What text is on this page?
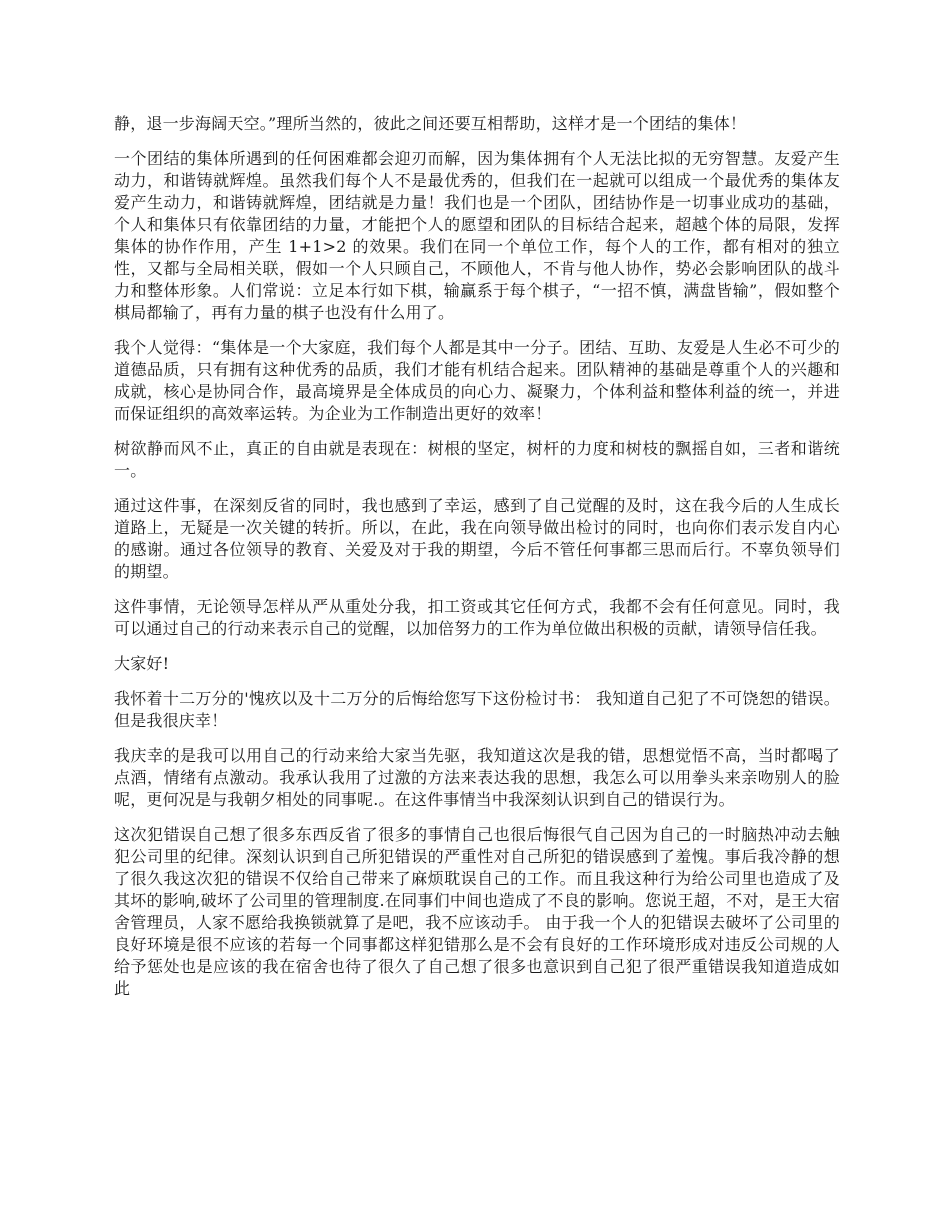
静，退一步海阔天空。”理所当然的，彼此之间还要互相帮助，这样才是一个团结的集体！

一个团结的集体所遇到的任何困难都会迎刃而解，因为集体拥有个人无法比拟的无穷智慧。友爱产生动力，和谐铸就辉煌。虽然我们每个人不是最优秀的，但我们在一起就可以组成一个最优秀的集体友爱产生动力，和谐铸就辉煌，团结就是力量！我们也是一个团队，团结协作是一切事业成功的基础，个人和集体只有依靠团结的力量，才能把个人的愿望和团队的目标结合起来，超越个体的局限，发挥集体的协作作用，产生 1+1>2 的效果。我们在同一个单位工作，每个人的工作，都有相对的独立性，又都与全局相关联，假如一个人只顾自己，不顾他人，不肯与他人协作，势必会影响团队的战斗力和整体形象。人们常说：立足本行如下棋，输赢系于每个棋子，“一招不慎，满盘皆输”，假如整个棋局都输了，再有力量的棋子也没有什么用了。

我个人觉得：“集体是一个大家庭，我们每个人都是其中一分子。团结、互助、友爱是人生必不可少的道德品质，只有拥有这种优秀的品质，我们才能有机结合起来。团队精神的基础是尊重个人的兴趣和成就，核心是协同合作，最高境界是全体成员的向心力、凝聚力，个体利益和整体利益的统一，并进而保证组织的高效率运转。为企业为工作制造出更好的效率！

树欲静而风不止，真正的自由就是表现在：树根的坚定，树杆的力度和树枝的飘摇自如，三者和谐统一。

通过这件事，在深刻反省的同时，我也感到了幸运，感到了自己觉醒的及时，这在我今后的人生成长道路上，无疑是一次关键的转折。所以，在此，我在向领导做出检讨的同时，也向你们表示发自内心的感谢。通过各位领导的教育、关爱及对于我的期望，今后不管任何事都三思而后行。不辜负领导们的期望。

这件事情，无论领导怎样从严从重处分我，扣工资或其它任何方式，我都不会有任何意见。同时，我可以通过自己的行动来表示自己的觉醒，以加倍努力的工作为单位做出积极的贡献，请领导信任我。

大家好!

我怀着十二万分的'愧疚以及十二万分的后悔给您写下这份检讨书： 我知道自己犯了不可饶恕的错误。但是我很庆幸！

我庆幸的是我可以用自己的行动来给大家当先驱，我知道这次是我的错，思想觉悟不高，当时都喝了点酒，情绪有点激动。我承认我用了过激的方法来表达我的思想，我怎么可以用拳头来亲吻别人的脸呢，更何况是与我朝夕相处的同事呢.。在这件事情当中我深刻认识到自己的错误行为。

这次犯错误自己想了很多东西反省了很多的事情自己也很后悔很气自己因为自己的一时脑热冲动去触犯公司里的纪律。深刻认识到自己所犯错误的严重性对自己所犯的错误感到了羞愧。事后我冷静的想了很久我这次犯的错误不仅给自己带来了麻烦耽误自己的工作。而且我这种行为给公司里也造成了及其坏的影响,破坏了公司里的管理制度.在同事们中间也造成了不良的影响。您说王超，不对，是王大宿舍管理员，人家不愿给我换锁就算了是吧，我不应该动手。 由于我一个人的犯错误去破坏了公司里的良好环境是很不应该的若每一个同事都这样犯错那么是不会有良好的工作环境形成对违反公司规的人给予惩处也是应该的我在宿舍也待了很久了自己想了很多也意识到自己犯了很严重错误我知道造成如此
